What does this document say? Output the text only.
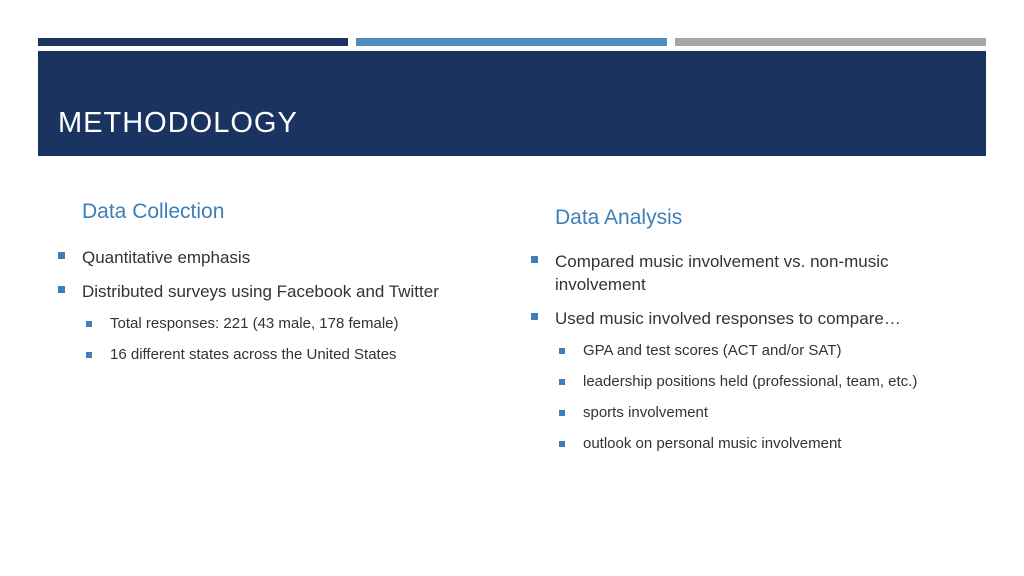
METHODOLOGY
Data Collection
Quantitative emphasis
Distributed surveys using Facebook and Twitter
Total responses: 221 (43 male, 178 female)
16 different states across the United States
Data Analysis
Compared music involvement vs. non-music involvement
Used music involved responses to compare…
GPA and test scores (ACT and/or SAT)
leadership positions held (professional, team, etc.)
sports involvement
outlook on personal music involvement
